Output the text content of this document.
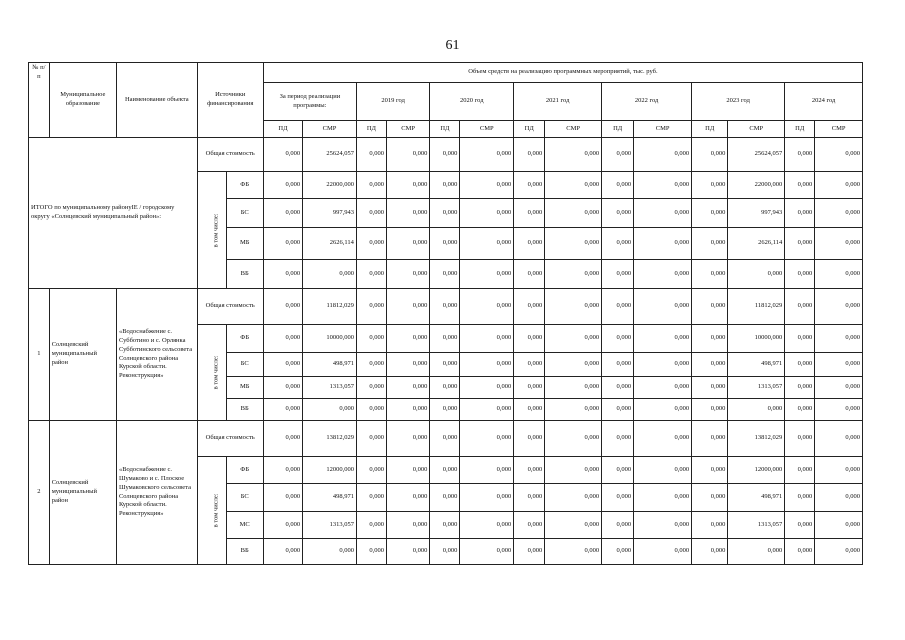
61
№ п/п	Муниципальное образование	Наименование объекта	Источники финансирования		Объем средств на реализацию программных мероприятий, тыс. руб.													
					За период реализации программы:		2019 год		2020 год		2021 год		2022 год		2023 год		2024 год	
					ПД	СМР	ПД	СМР	ПД	СМР	ПД	СМР	ПД	СМР	ПД	СМР	ПД	СМР
ИТОГО по муниципальному районуIE / городскому округу «Солнцевский муниципальный район»:			Общая стоимость		0,000	25624,057	0,000	0,000	0,000	0,000	0,000	0,000	0,000	0,000	0,000	25624,057	0,000	0,000
			в том числе:	ФБ	0,000	22000,000	0,000	0,000	0,000	0,000	0,000	0,000	0,000	0,000	0,000	22000,000	0,000	0,000
				БС	0,000	997,943	0,000	0,000	0,000	0,000	0,000	0,000	0,000	0,000	0,000	997,943	0,000	0,000
				МБ	0,000	2626,114	0,000	0,000	0,000	0,000	0,000	0,000	0,000	0,000	0,000	2626,114	0,000	0,000
				ВБ	0,000	0,000	0,000	0,000	0,000	0,000	0,000	0,000	0,000	0,000	0,000	0,000	0,000	0,000
1	Солнцевский муниципальный район	«Водоснабжение с. Субботино и с. Орлянка Субботинского сельсовета Солнцевского района Курской области. Реконструкция»	Общая стоимость		0,000	11812,029	0,000	0,000	0,000	0,000	0,000	0,000	0,000	0,000	0,000	11812,029	0,000	0,000
			в том числе:	ФБ	0,000	10000,000	0,000	0,000	0,000	0,000	0,000	0,000	0,000	0,000	0,000	10000,000	0,000	0,000
				БС	0,000	498,971	0,000	0,000	0,000	0,000	0,000	0,000	0,000	0,000	0,000	498,971	0,000	0,000
				МБ	0,000	1313,057	0,000	0,000	0,000	0,000	0,000	0,000	0,000	0,000	0,000	1313,057	0,000	0,000
				ВБ	0,000	0,000	0,000	0,000	0,000	0,000	0,000	0,000	0,000	0,000	0,000	0,000	0,000	0,000
2	Солнцевский муниципальный район	«Водоснабжение с. Шумаково и с. Плоское Шумаковского сельсовета Солнцевского района Курской области. Реконструкция»	Общая стоимость		0,000	13812,029	0,000	0,000	0,000	0,000	0,000	0,000	0,000	0,000	0,000	13812,029	0,000	0,000
			в том числе:	ФБ	0,000	12000,000	0,000	0,000	0,000	0,000	0,000	0,000	0,000	0,000	0,000	12000,000	0,000	0,000
				БС	0,000	498,971	0,000	0,000	0,000	0,000	0,000	0,000	0,000	0,000	0,000	498,971	0,000	0,000
				МС	0,000	1313,057	0,000	0,000	0,000	0,000	0,000	0,000	0,000	0,000	0,000	1313,057	0,000	0,000
				ВБ	0,000	0,000	0,000	0,000	0,000	0,000	0,000	0,000	0,000	0,000	0,000	0,000	0,000	0,000
